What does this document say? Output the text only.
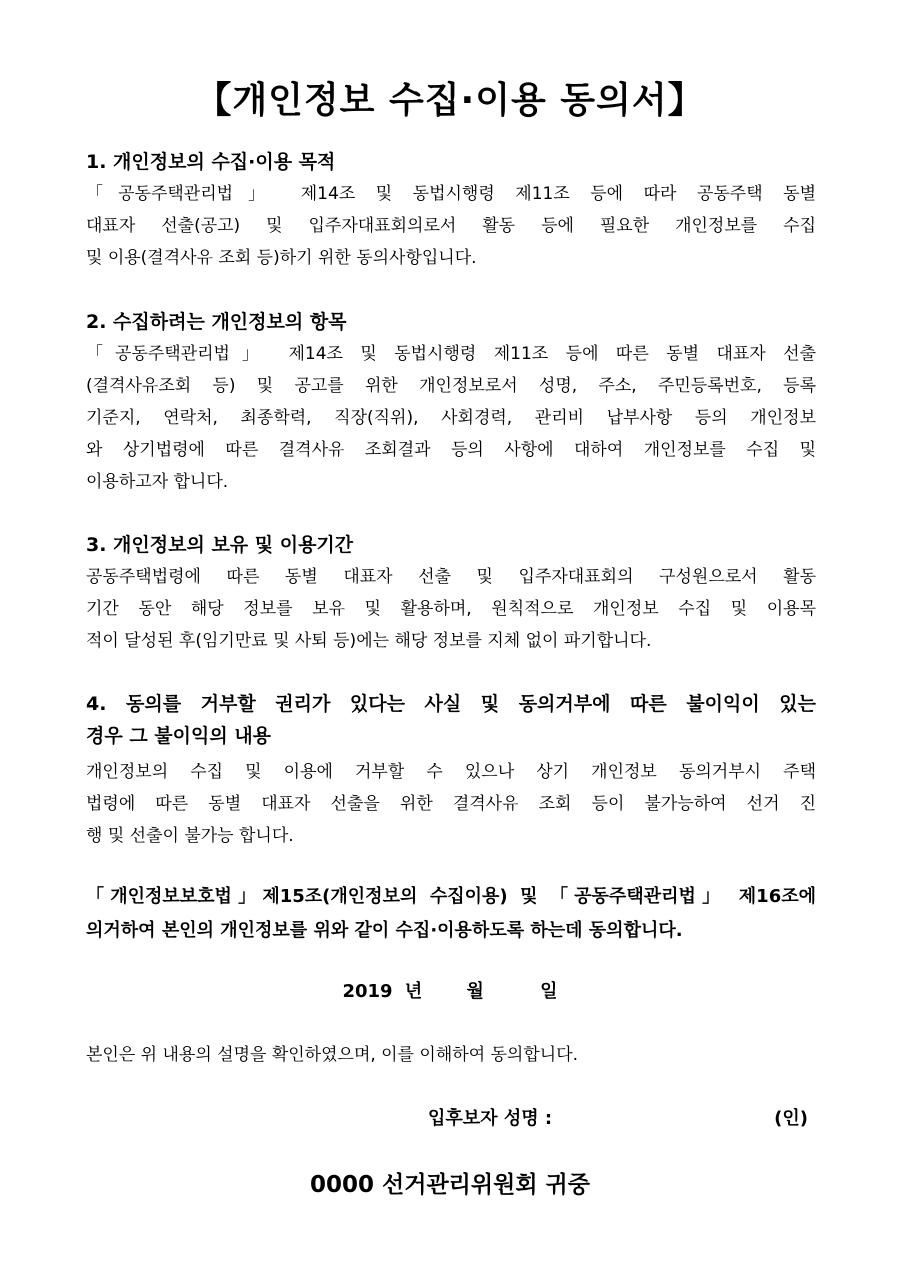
【개인정보 수집·이용 동의서】
1. 개인정보의 수집·이용 목적
「공동주택관리법」 제14조 및 동법시행령 제11조 등에 따라 공동주택 동별
대표자 선출(공고) 및 입주자대표회의로서 활동 등에 필요한 개인정보를 수집
및 이용(결격사유 조회 등)하기 위한 동의사항입니다.
2. 수집하려는 개인정보의 항목
「공동주택관리법」 제14조 및 동법시행령 제11조 등에 따른 동별 대표자 선출
(결격사유조회 등) 및 공고를 위한 개인정보로서 성명, 주소, 주민등록번호, 등록
기준지, 연락처, 최종학력, 직장(직위), 사회경력, 관리비 납부사항 등의 개인정보
와 상기법령에 따른 결격사유 조회결과 등의 사항에 대하여 개인정보를 수집 및
이용하고자 합니다.
3. 개인정보의 보유 및 이용기간
공동주택법령에 따른 동별 대표자 선출 및 입주자대표회의 구성원으로서 활동
기간 동안 해당 정보를 보유 및 활용하며, 원칙적으로 개인정보 수집 및 이용목
적이 달성된 후(임기만료 및 사퇴 등)에는 해당 정보를 지체 없이 파기합니다.
4. 동의를 거부할 권리가 있다는 사실 및 동의거부에 따른 불이익이 있는
경우 그 불이익의 내용
개인정보의 수집 및 이용에 거부할 수 있으나 상기 개인정보 동의거부시 주택
법령에 따른 동별 대표자 선출을 위한 결격사유 조회 등이 불가능하여 선거 진
행 및 선출이 불가능 합니다.
「개인정보보호법」제15조(개인정보의 수집이용) 및 「공동주택관리법」 제16조에
의거하여 본인의 개인정보를 위와 같이 수집·이용하도록 하는데 동의합니다.
2019 년 월	일
본인은 위 내용의 설명을 확인하였으며, 이를 이해하여 동의합니다.
입후보자 성명 :	(인)
0000 선거관리위원회 귀중
